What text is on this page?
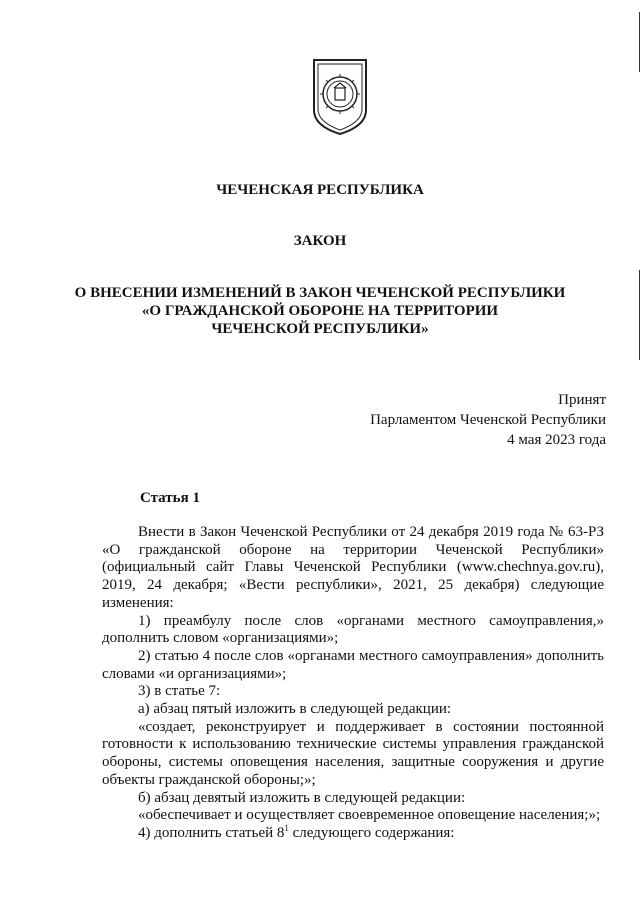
ЧЕЧЕНСКАЯ РЕСПУБЛИКА
ЗАКОН
О ВНЕСЕНИИ ИЗМЕНЕНИЙ В ЗАКОН ЧЕЧЕНСКОЙ РЕСПУБЛИКИ
«О ГРАЖДАНСКОЙ ОБОРОНЕ НА ТЕРРИТОРИИ
ЧЕЧЕНСКОЙ РЕСПУБЛИКИ»
Принят
Парламентом Чеченской Республики
4 мая 2023 года
Статья 1

Внести в Закон Чеченской Республики от 24 декабря 2019 года № 63-РЗ «О гражданской обороне на территории Чеченской Республики» (официальный сайт Главы Чеченской Республики (www.chechnya.gov.ru), 2019, 24 декабря; «Вести республики», 2021, 25 декабря) следующие изменения:

1) преамбулу после слов «органами местного самоуправления,» дополнить словом «организациями»;

2) статью 4 после слов «органами местного самоуправления» дополнить словами «и организациями»;

3) в статье 7:

а) абзац пятый изложить в следующей редакции:

«создает, реконструирует и поддерживает в состоянии постоянной готовности к использованию технические системы управления гражданской обороны, системы оповещения населения, защитные сооружения и другие объекты гражданской обороны;»;

б) абзац девятый изложить в следующей редакции:

«обеспечивает и осуществляет своевременное оповещение населения;»;

4) дополнить статьей $8^1$ следующего содержания:
